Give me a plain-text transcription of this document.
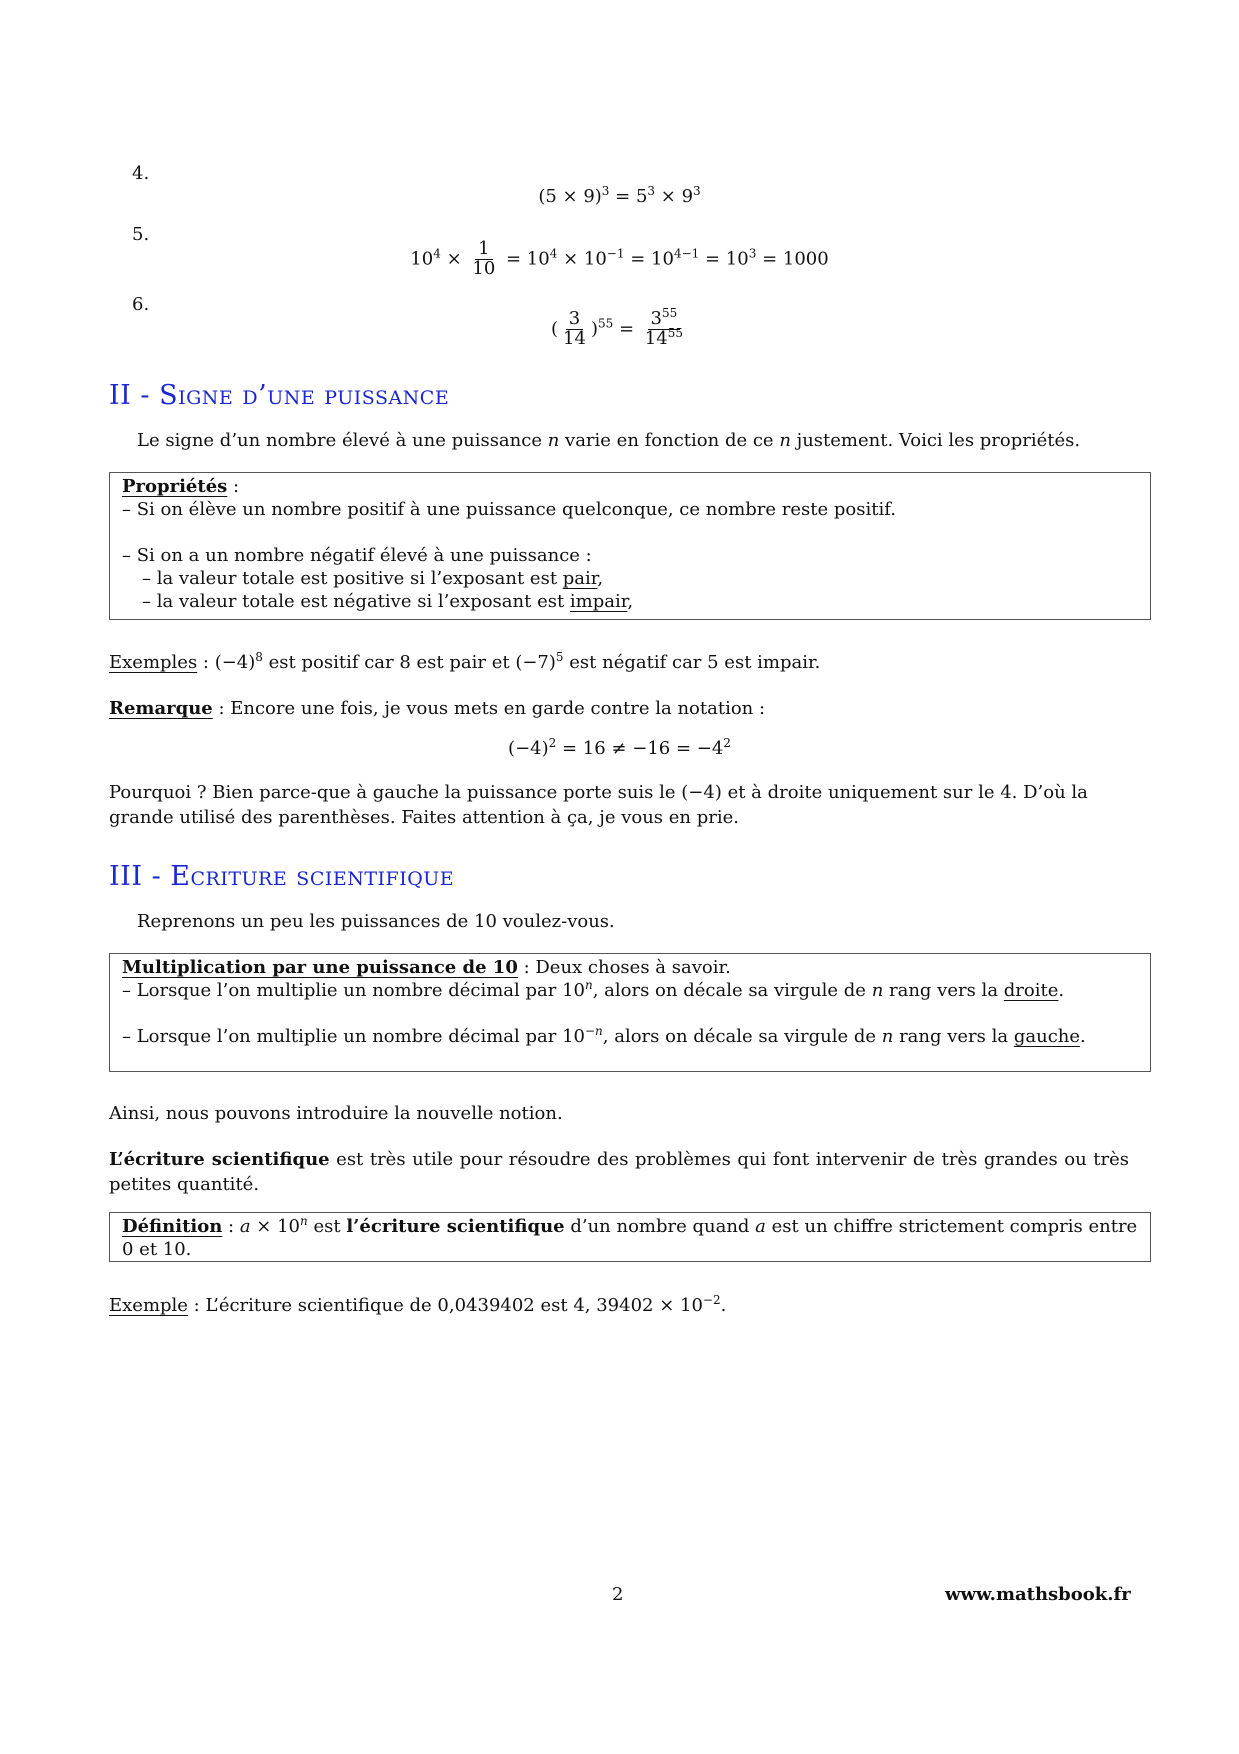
4.
$(5 \times 9)^3 = 5^3 \times 9^3$
5.
$10^4 \times \frac{1}{10} = 10^4 \times 10^{-1} = 10^{4-1} = 10^3 = 1000$
6.
( $\frac{3}{14} )^{55} = \frac{3^{55}}{14^{55}}$
II - Signe d’une puissance
Le signe d’un nombre élevé à une puissance n varie en fonction de ce n justement. Voici les propriétés.
Propriétés :
– Si on élève un nombre positif à une puissance quelconque, ce nombre reste positif.
– Si on a un nombre négatif élevé à une puissance :
– la valeur totale est positive si l’exposant est pair,
– la valeur totale est négative si l’exposant est impair,
Exemples : $(-4)^8$ est positif car 8 est pair et $(-7)^5$ est négatif car 5 est impair.
Remarque : Encore une fois, je vous mets en garde contre la notation :
$(-4)^2 = 16 \ne -16 = -4^2$
Pourquoi ? Bien parce-que à gauche la puissance porte suis le (−4) et à droite uniquement sur le 4. D’où la grande utilisé des parenthèses. Faites attention à ça, je vous en prie.
III - Ecriture scientifique
Reprenons un peu les puissances de 10 voulez-vous.
Multiplication par une puissance de 10 : Deux choses à savoir.
– Lorsque l’on multiplie un nombre décimal par 10$^n$, alors on décale sa virgule de n rang vers la droite.
– Lorsque l’on multiplie un nombre décimal par $10^{-n}$, alors on décale sa virgule de n rang vers la gauche.
Ainsi, nous pouvons introduire la nouvelle notion.
L’écriture scientifique est très utile pour résoudre des problèmes qui font intervenir de très grandes ou très petites quantité.
Définition : $a \times 10^n$ est l’écriture scientifique d’un nombre quand a est un chiffre strictement compris entre 0 et 10.
Exemple : L’écriture scientifique de 0,0439402 est 4, $39402 \times 10^{-2}$.
2	www.mathsbook.fr
